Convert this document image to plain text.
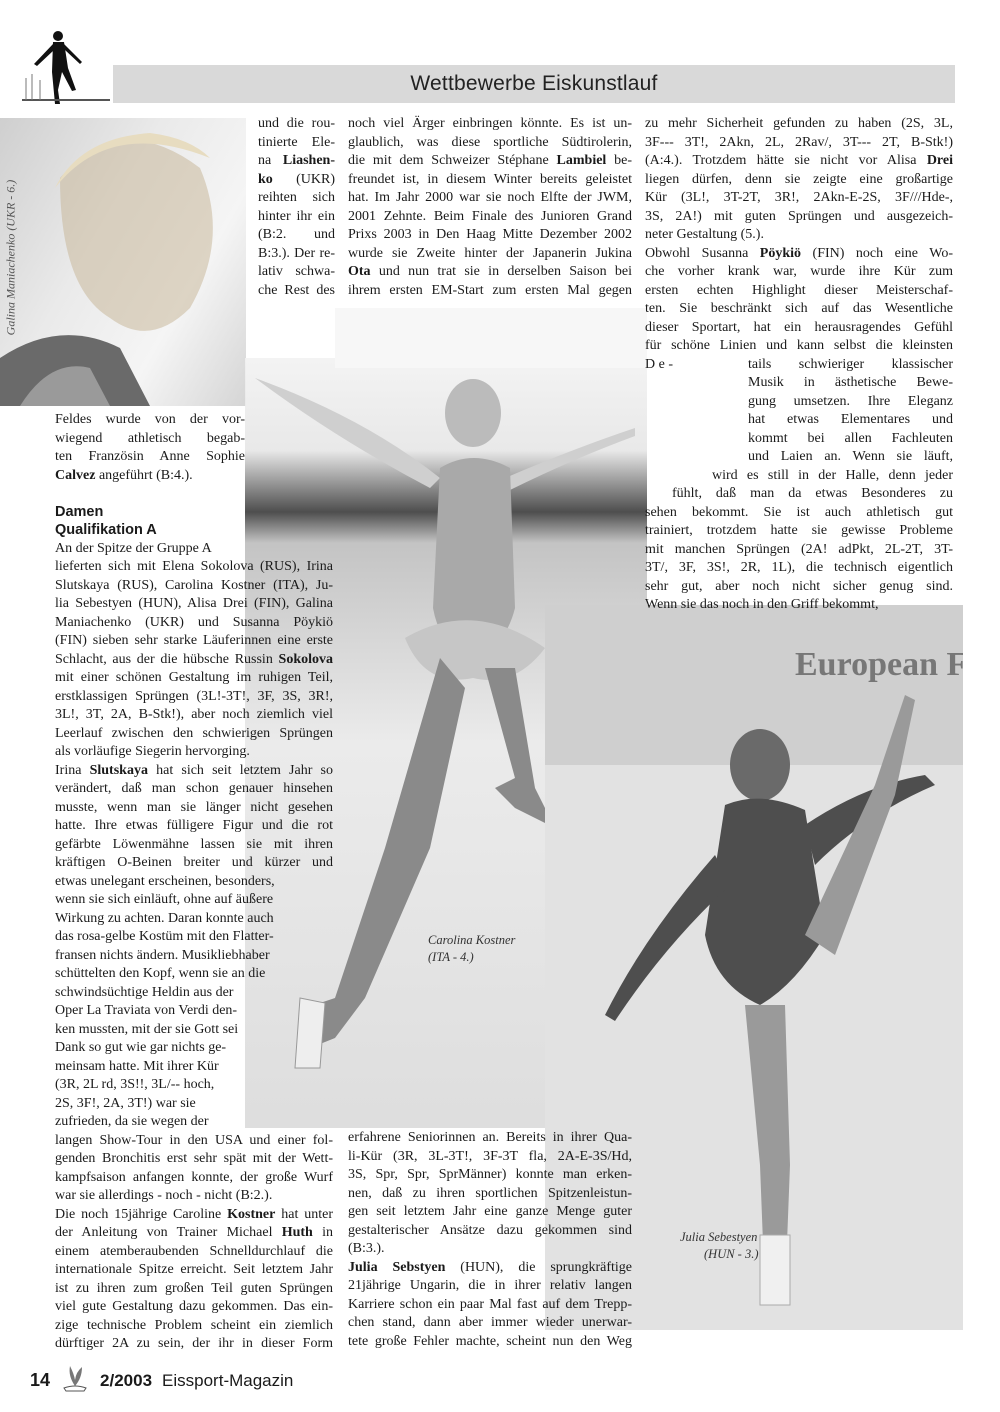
Wettbewerbe Eiskunstlauf
Galina Maniachenko (UKR - 6.)
European F
und die rou-
tinierte Ele-
na Liashen-
ko (UKR)
reihten sich
hinter ihr ein
(B:2. und
B:3.). Der re-
lativ schwa-
che Rest des
noch viel Ärger einbringen könnte. Es ist un-
glaublich, was diese sportliche Südtirolerin,
die mit dem Schweizer Stéphane Lambiel be-
freundet ist, in diesem Winter bereits geleistet
hat. Im Jahr 2000 war sie noch Elfte der JWM,
2001 Zehnte. Beim Finale des Junioren Grand
Prixs 2003 in Den Haag Mitte Dezember 2002
wurde sie Zweite hinter der Japanerin Jukina
Ota und nun trat sie in derselben Saison bei
ihrem ersten EM-Start zum ersten Mal gegen
erfahrene Seniorinnen an. Bereits in ihrer Qua-
li-Kür (3R, 3L-3T!, 3F-3T fla, 2A-E-3S/Hd,
3S, Spr, Spr, SprMänner) konnte man erken-
nen, daß zu ihren sportlichen Spitzenleistun-
gen seit letztem Jahr eine ganze Menge guter
gestalterischer Ansätze dazu gekommen sind
(B:3.).
Julia Sebstyen (HUN), die sprungkräftige
21jährige Ungarin, die in ihrer relativ langen
Karriere schon ein paar Mal fast auf dem Trepp-
chen stand, dann aber immer wieder unerwar-
tete große Fehler machte, scheint nun den Weg
zu mehr Sicherheit gefunden zu haben (2S, 3L,
3F--- 3T!, 2Akn, 2L, 2Rav/, 3T--- 2T, B-Stk!)
(A:4.). Trotzdem hätte sie nicht vor Alisa Drei
liegen dürfen, denn sie zeigte eine großartige
Kür (3L!, 3T-2T, 3R!, 2Akn-E-2S, 3F///Hde-,
3S, 2A!) mit guten Sprüngen und ausgezeich-
neter Gestaltung (5.).
Obwohl Susanna Pöykiö (FIN) noch eine Wo-
che vorher krank war, wurde ihre Kür zum
ersten echten Highlight dieser Meisterschaf-
ten. Sie beschränkt sich auf das Wesentliche
dieser Sportart, hat ein herausragendes Gefühl
für schöne Linien und kann selbst die kleinsten
D e -	tails schwieriger klassischer
Musik in ästhetische Bewe-
gung umsetzen. Ihre Eleganz
hat etwas Elementares und
kommt bei allen Fachleuten
und Laien an. Wenn sie läuft,
wird es still in der Halle, denn jeder
fühlt, daß man da etwas Besonderes zu
sehen bekommt. Sie ist auch athletisch gut
trainiert, trotzdem hatte sie gewisse Probleme
mit manchen Sprüngen (2A! adPkt, 2L-2T, 3T-
3T/, 3F, 3S!, 2R, 1L), die technisch eigentlich
sehr gut, aber noch nicht sicher genug sind.
Wenn sie das noch in den Griff bekommt,
Feldes wurde von der vor-
wiegend athletisch begab-
ten Französin Anne Sophie
Calvez angeführt (B:4.).
Damen
Qualifikation A
An der Spitze der Gruppe A
lieferten sich mit Elena Sokolova (RUS), Irina
Slutskaya (RUS), Carolina Kostner (ITA), Ju-
lia Sebestyen (HUN), Alisa Drei (FIN), Galina
Maniachenko (UKR) und Susanna Pöykiö
(FIN) sieben sehr starke Läuferinnen eine erste
Schlacht, aus der die hübsche Russin Sokolova
mit einer schönen Gestaltung im ruhigen Teil,
erstklassigen Sprüngen (3L!-3T!, 3F, 3S, 3R!,
3L!, 3T, 2A, B-Stk!), aber noch ziemlich viel
Leerlauf zwischen den schwierigen Sprüngen
als vorläufige Siegerin hervorging.
Irina Slutskaya hat sich seit letztem Jahr so
verändert, daß man schon genauer hinsehen
musste, wenn man sie länger nicht gesehen
hatte. Ihre etwas fülligere Figur und die rot
gefärbte Löwenmähne lassen sie mit ihren
kräftigen O-Beinen breiter und kürzer und
etwas unelegant erscheinen, besonders,
wenn sie sich einläuft, ohne auf äußere
Wirkung zu achten. Daran konnte auch
das rosa-gelbe Kostüm mit den Flatter-
fransen nichts ändern. Musikliebhaber
schüttelten den Kopf, wenn sie an die
schwindsüchtige Heldin aus der
Oper La Traviata von Verdi den-
ken mussten, mit der sie Gott sei
Dank so gut wie gar nichts ge-
meinsam hatte. Mit ihrer Kür
(3R, 2L rd, 3S!!, 3L/-- hoch,
2S, 3F!, 2A, 3T!) war sie
zufrieden, da sie wegen der
langen Show-Tour in den USA und einer fol-
genden Bronchitis erst sehr spät mit der Wett-
kampfsaison anfangen konnte, der große Wurf
war sie allerdings - noch - nicht (B:2.).
Die noch 15jährige Caroline Kostner hat unter
der Anleitung von Trainer Michael Huth in
einem atemberaubenden Schnelldurchlauf die
internationale Spitze erreicht. Seit letztem Jahr
ist zu ihren zum großen Teil guten Sprüngen
viel gute Gestaltung dazu gekommen. Das ein-
zige technische Problem scheint ein ziemlich
dürftiger 2A zu sein, der ihr in dieser Form
Carolina Kostner
(ITA - 4.)
Julia Sebestyen
(HUN - 3.)
14	2/2003 Eissport-Magazin
